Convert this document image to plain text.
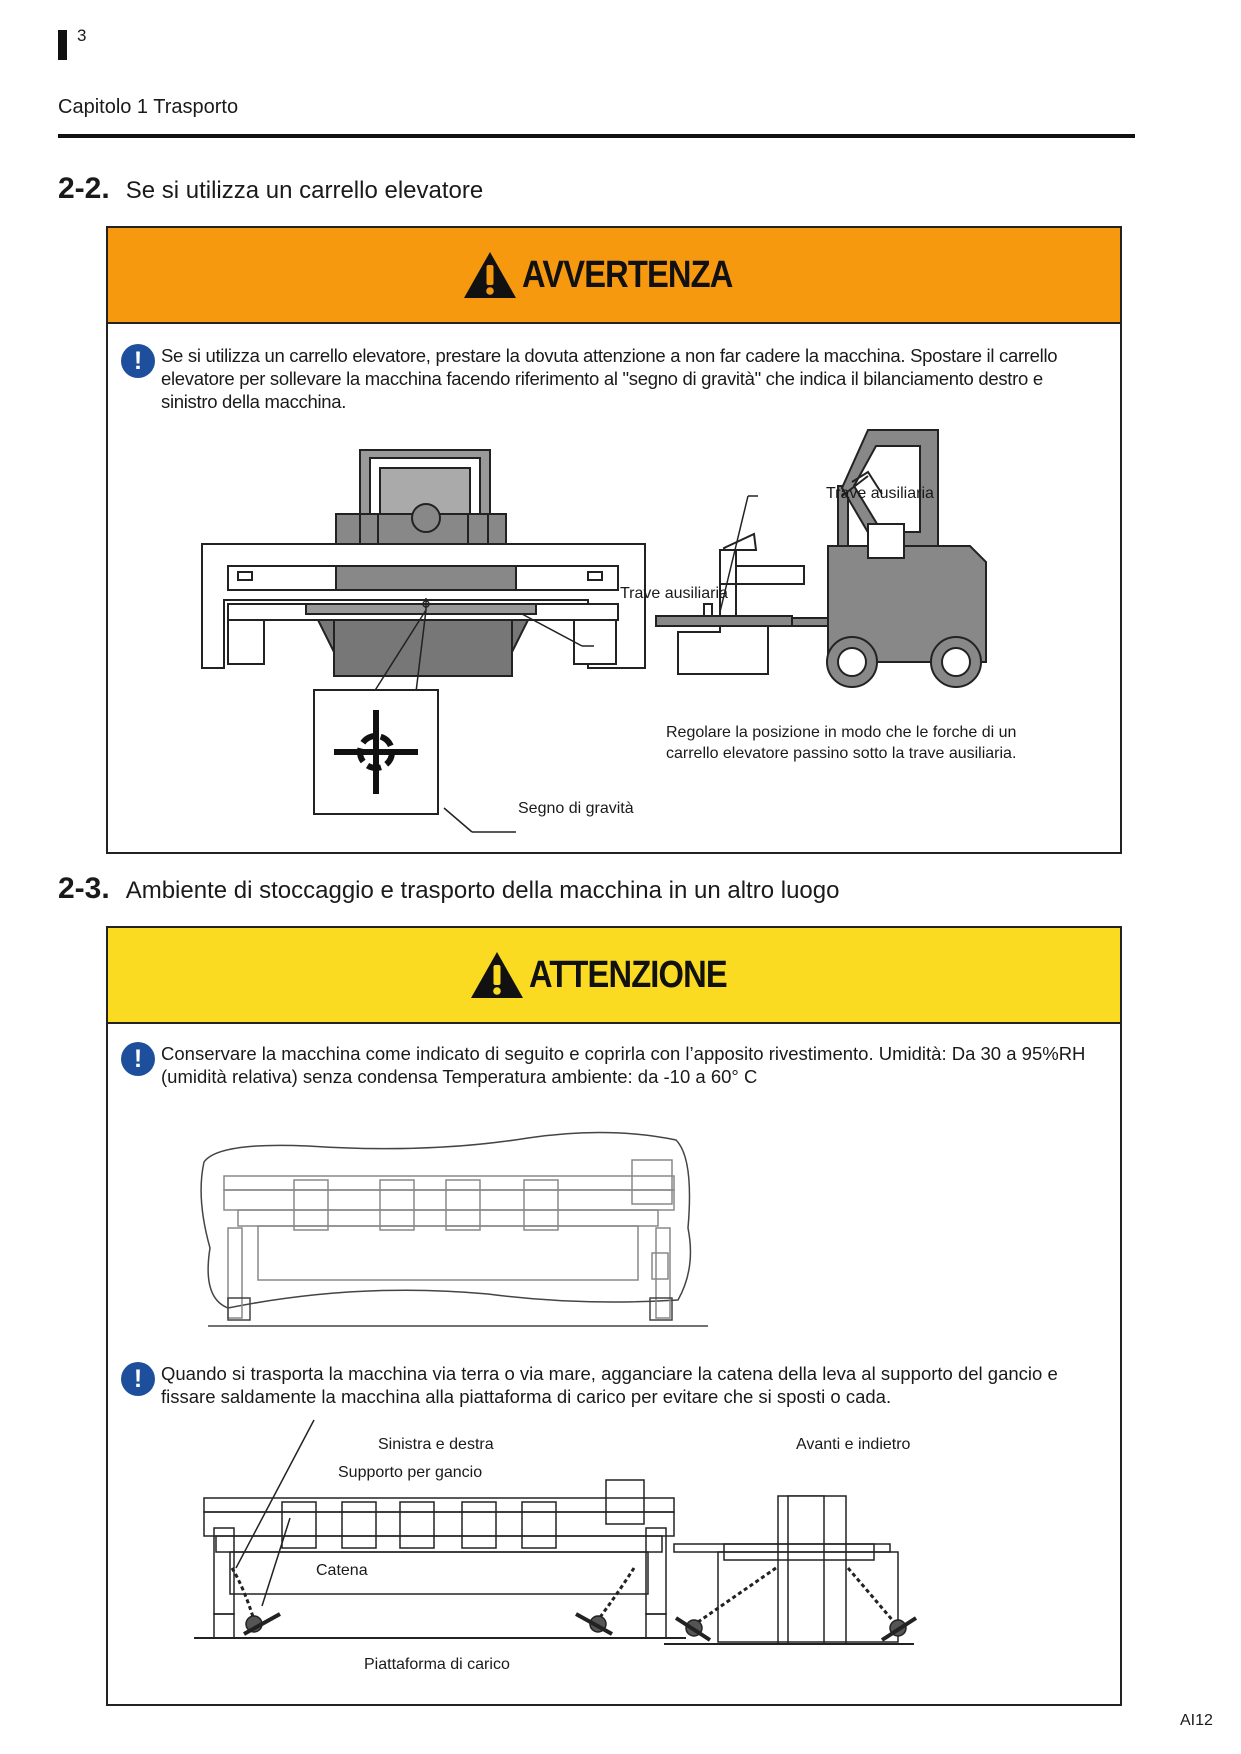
3
Capitolo 1 Trasporto
2-2. Se si utilizza un carrello elevatore
AVVERTENZA
!	Se si utilizza un carrello elevatore, prestare la dovuta attenzione a non far cadere la macchina. Spostare il carrello elevatore per sollevare la macchina facendo riferimento al "segno di gravità" che indica il bilanciamento destro e sinistro della macchina.
Trave ausiliaria
Trave ausiliaria
Segno di gravità
Regolare la posizione in modo che le forche di un carrello elevatore passino sotto la trave ausiliaria.
2-3. Ambiente di stoccaggio e trasporto della macchina in un altro luogo
ATTENZIONE
!	Conservare la macchina come indicato di seguito e coprirla con l’apposito rivestimento. Umidità: Da 30 a 95%RH (umidità relativa) senza condensa Temperatura ambiente: da -10 a 60° C
!	Quando si trasporta la macchina via terra o via mare, agganciare la catena della leva al supporto del gancio e fissare saldamente la macchina alla piattaforma di carico per evitare che si sposti o cada.
Sinistra e destra	Avanti e indietro
Supporto per gancio
Catena
Piattaforma di carico
AI12
